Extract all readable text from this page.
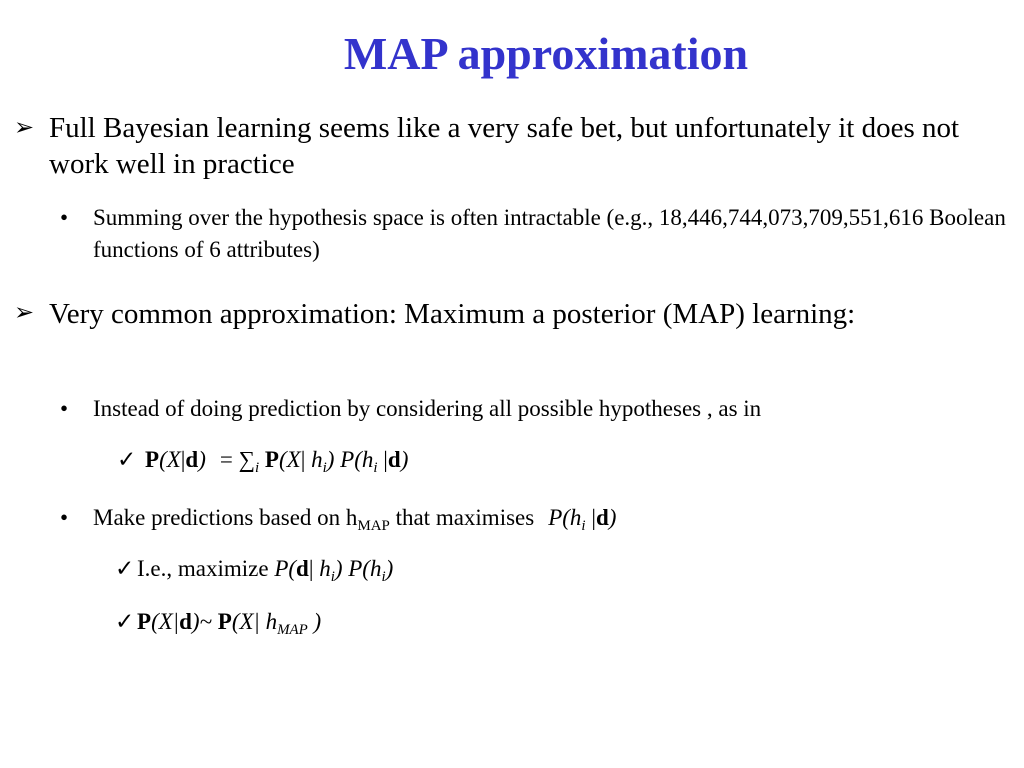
MAP approximation
➢ Full Bayesian learning seems like a very safe bet, but unfortunately it does not work well in practice
• Summing over the hypothesis space is often intractable (e.g., 18,446,744,073,709,551,616 Boolean functions of 6 attributes)
➢ Very common approximation: Maximum a posterior (MAP) learning:
• Instead of doing prediction by considering all possible hypotheses , as in
✓ $P(X|d) = \sum_i$ P(X| $h_i$) $P(h_i$ |d)
• Make predictions based on $h_{MAP}$ that maximises $P(h_i$ |d)
✓ I.e., maximize P(d| $h_i$) $P(h_i)$
✓ P(X|d)~ P(X| $h_{MAP}$ )
